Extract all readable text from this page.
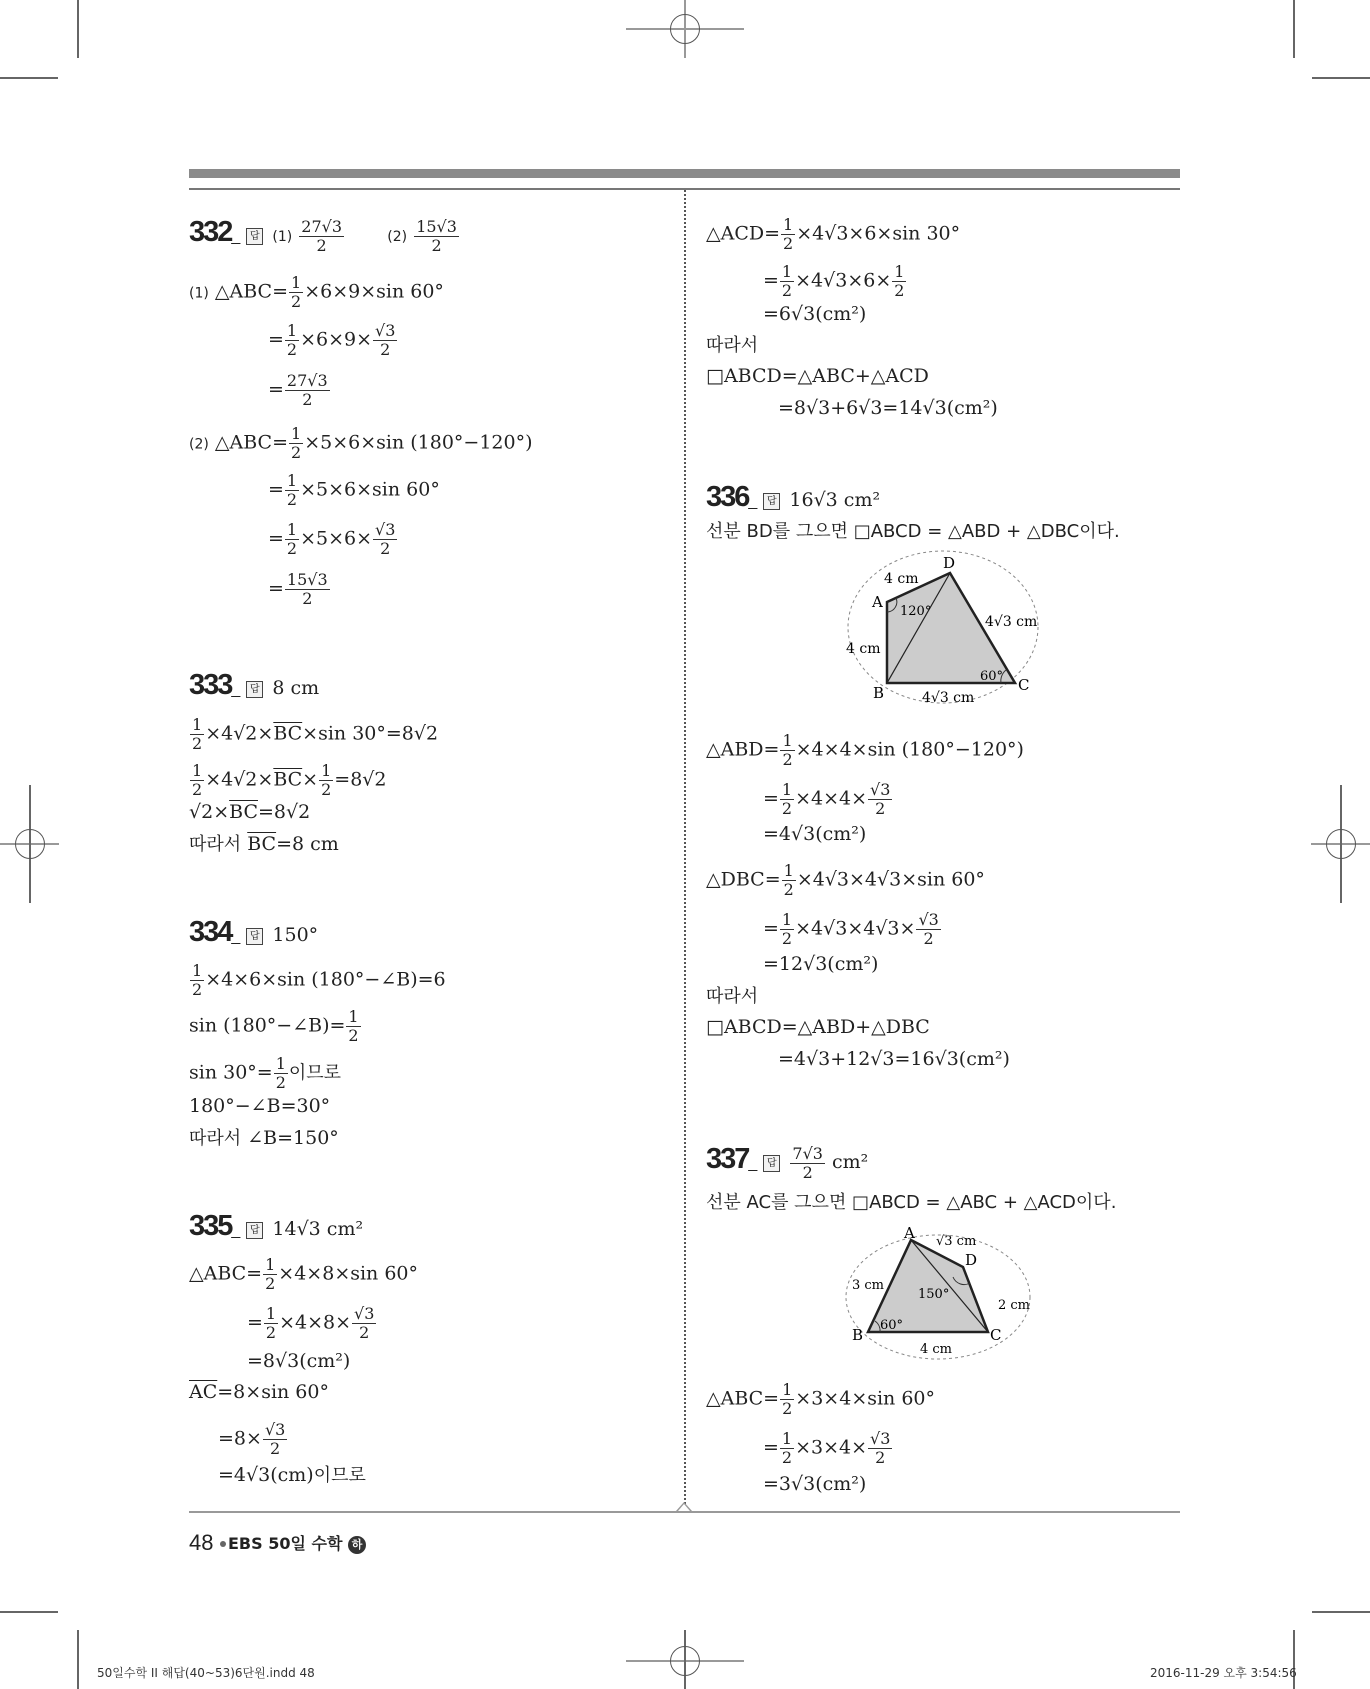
332_ 답 $(1) \frac{27√3}{2}$	$(2) \frac{15√3}{2}$
(1) △ABC= $\frac{1}{2} \times 6\times 9\times\sin$ 60°
= $\frac{1}{2} \times 6\times 9\times \frac{√3}{2}$
= $\frac{27√3}{2}$
(2) △ABC= $\frac{1}{2} \times 5\times 6\times\sin$ (180°−120°)
= $\frac{1}{2} \times 5\times 6\times\sin$ 60°
= $\frac{1}{2} \times 5\times 6\times \frac{√3}{2}$
= $\frac{15√3}{2}$
333_ 답 8 cm
$\frac{1}{2} \times 4√2\times\overline{BC}\times\sin$ 30°=8√2
$\frac{1}{2} \times 4√2\times\overline{BC}\times \frac{1}{2} =8√2$
$√2\times\overline{BC}=8√2$
따라서 $\overline{BC}=8$ cm
334_ 답 150°
$\frac{1}{2} \times 4\times 6\times\sin$ (180°−∠B)=6
sin (180°−∠B)= $\frac{1}{2}$
$\sin 30^\circ= \frac{1}{2}$ 이므로
180°−∠B=30°
따라서 ∠B=150°
335_ 답 14√3 cm²
△ABC= $\frac{1}{2} \times 4\times 8\times\sin$ 60°
= $\frac{1}{2} \times 4\times 8\times \frac{√3}{2}$
=8√3(cm²)
$\overline{AC}=8\times\sin$ 60°
$=8\times \frac{√3}{2}$
=4√3(cm)이므로
△ACD= $\frac{1}{2} \times 4√3\times 6\times\sin$ 30°
= $\frac{1}{2} \times 4√3\times 6\times \frac{1}{2}$
=6√3(cm²)
따라서
□ABCD=△ABC+△ACD
=8√3+6√3=14√3(cm²)
336_ 답 16√3 cm²
선분 BD를 그으면 □ABCD = △ABD + △DBC이다.
D
A
B	C
4 cm
4 cm
4√3 cm
4√3 cm
120°
60°
△ABD= $\frac{1}{2} \times 4\times 4\times\sin$ (180°−120°)
= $\frac{1}{2} \times 4\times 4\times \frac{√3}{2}$
=4√3(cm²)
△DBC= $\frac{1}{2} \times 4√3\times 4√3\times\sin$ 60°
= $\frac{1}{2} \times 4√3\times 4√3\times \frac{√3}{2}$
=12√3(cm²)
따라서
□ABCD=△ABD+△DBC
=4√3+12√3=16√3(cm²)
337_ 답 $\frac{7√3}{2} cm^2$
선분 AC를 그으면 □ABCD = △ABC + △ACD이다.
A
B	C
D
√3 cm
3 cm
2 cm
4 cm
150°
60°
△ABC= $\frac{1}{2} \times 3\times 4\times\sin$ 60°
= $\frac{1}{2} \times 3\times 4\times \frac{√3}{2}$
=3√3(cm²)
48 EBS 50일 수학 하
50일수학 II 해답(40~53)6단원.indd 48	2016-11-29 오후 3:54:56
